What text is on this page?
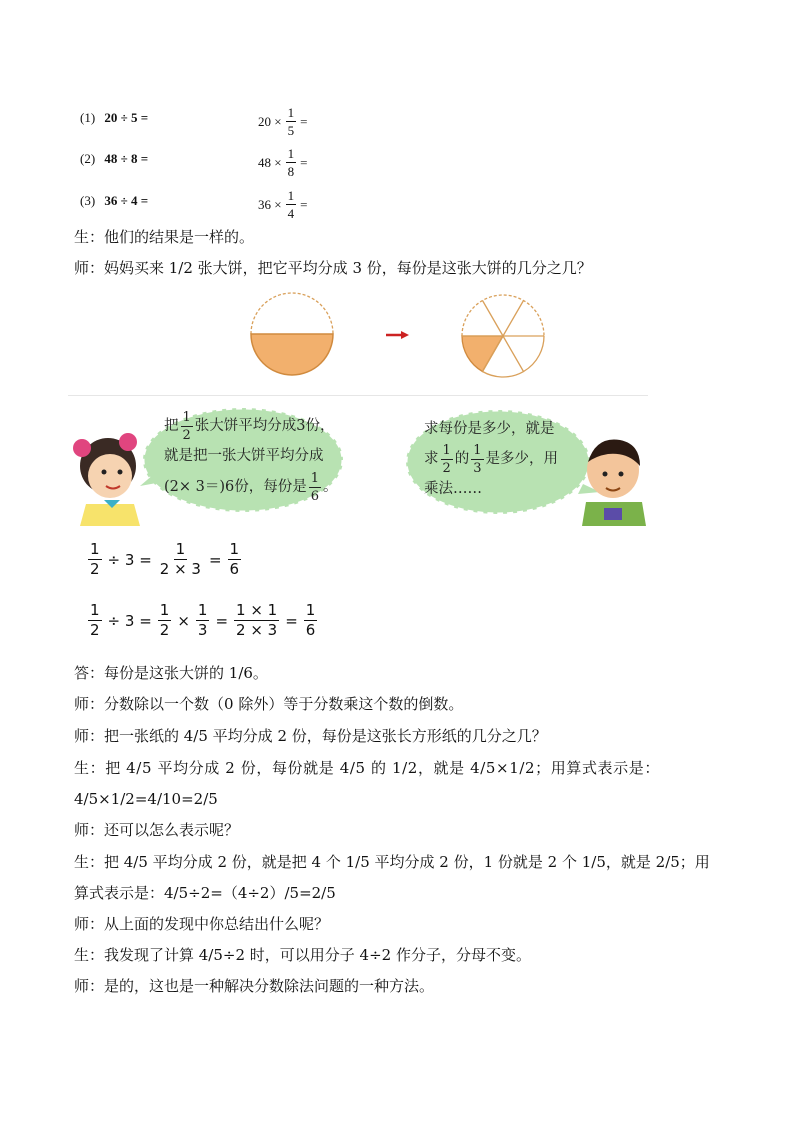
(1) 20 ÷ 5 =	$20 \times \frac{1}{5}$ =
(2) 48 ÷ 8 =	$48 \times \frac{1}{8}$ =
(3) 36 ÷ 4 =	$36 \times \frac{1}{4}$ =
生：他们的结果是一样的。
师：妈妈买来 1/2 张大饼，把它平均分成 3 份，每份是这张大饼的几分之几？
把 $\frac{1}{2}$ 张大饼平均分成3份，
就是把一张大饼平均分成
(2× 3＝)6份，每份是 $\frac{1}{6}$ 。
求每份是多少，就是
求 $\frac{1}{2}$ 的 $\frac{1}{3}$ 是多少，用
乘法……
$\frac{1}{2} \div 3 = \frac{1}{2 \times 3} = \frac{1}{6}$
$\frac{1}{2} \div 3 = \frac{1}{2} \times \frac{1}{3} = \frac{1 \times 1}{2 \times 3} = \frac{1}{6}$
答：每份是这张大饼的 1/6。
师：分数除以一个数（0 除外）等于分数乘这个数的倒数。
师：把一张纸的 4/5 平均分成 2 份，每份是这张长方形纸的几分之几？
生：把 4/5 平均分成 2 份，每份就是 4/5 的 1/2，就是 4/5×1/2；用算式表示是：
4/5×1/2=4/10=2/5
师：还可以怎么表示呢？
生：把 4/5 平均分成 2 份，就是把 4 个 1/5 平均分成 2 份，1 份就是 2 个 1/5，就是 2/5；用
算式表示是：4/5÷2=（4÷2）/5=2/5
师：从上面的发现中你总结出什么呢？
生：我发现了计算 4/5÷2 时，可以用分子 4÷2 作分子，分母不变。
师：是的，这也是一种解决分数除法问题的一种方法。
